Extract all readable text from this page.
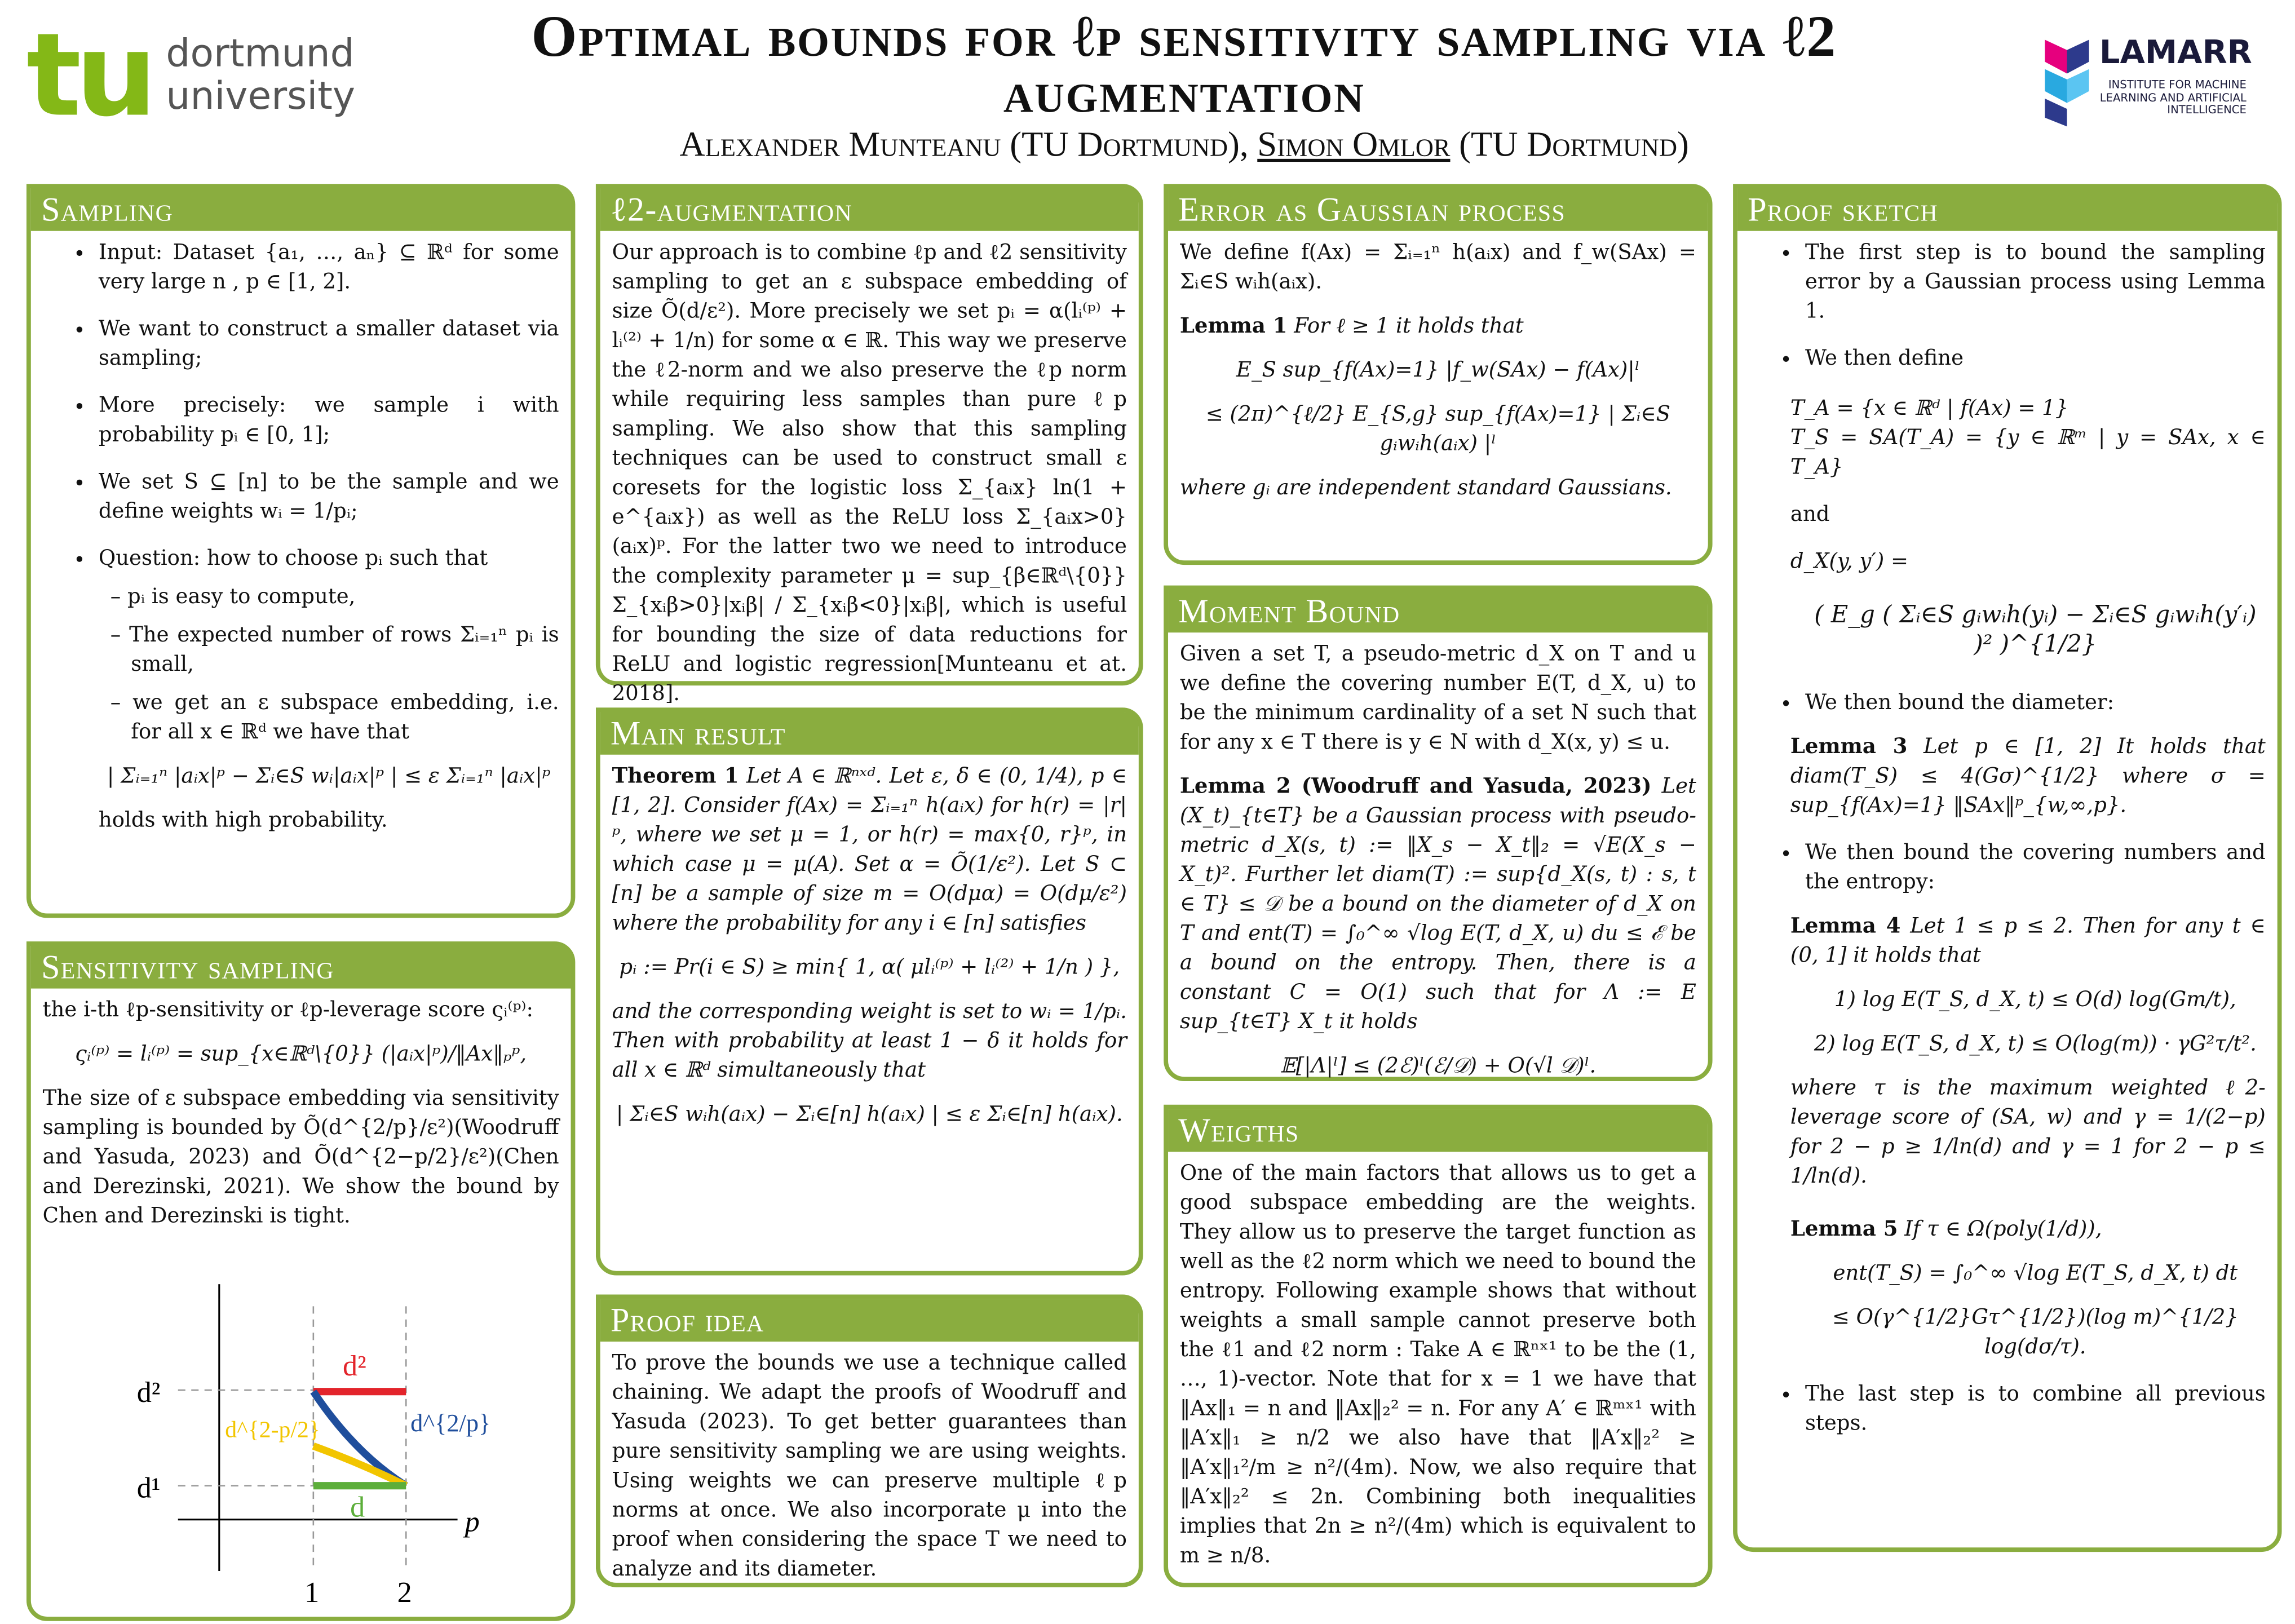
tu dortmund
university
Optimal bounds for ℓp sensitivity sampling via ℓ2 augmentation
Alexander Munteanu (TU Dortmund), Simon Omlor (TU Dortmund)
LAMARR
INSTITUTE FOR MACHINE LEARNING AND ARTIFICIAL INTELLIGENCE
Sampling
• Input: Dataset {a₁, …, aₙ} ⊆ ℝᵈ for some very large n , p ∈ [1, 2].
• We want to construct a smaller dataset via sampling;
• More precisely: we sample i with probability pᵢ ∈ [0, 1];
• We set S ⊆ [n] to be the sample and we define weights wᵢ = 1/pᵢ;
• Question: how to choose pᵢ such that
– pᵢ is easy to compute,
– The expected number of rows Σᵢ₌₁ⁿ pᵢ is small,
– we get an ε subspace embedding, i.e. for all x ∈ ℝᵈ we have that
| Σᵢ₌₁ⁿ |aᵢx|ᵖ − Σᵢ∈S wᵢ|aᵢx|ᵖ | ≤ ε Σᵢ₌₁ⁿ |aᵢx|ᵖ
holds with high probability.
Sensitivity sampling
the i-th ℓp-sensitivity or ℓp-leverage score ςᵢ⁽ᵖ⁾:
ςᵢ⁽ᵖ⁾ = lᵢ⁽ᵖ⁾ = sup_{x∈ℝᵈ\{0}} (|aᵢx|ᵖ)/‖Ax‖ₚᵖ,
The size of ε subspace embedding via sensitivity sampling is bounded by Õ(d^{2/p}/ε²)(Woodruff and Yasuda, 2023) and Õ(d^{2−p/2}/ε²)(Chen and Derezinski, 2021). We show the bound by Chen and Derezinski is tight.
d²
d¹
1	2
p
d²
d^{2/p}
d^{2-p/2}
d
ℓ2-augmentation
Our approach is to combine ℓp and ℓ2 sensitivity sampling to get an ε subspace embedding of size Õ(d/ε²). More precisely we set pᵢ = α(lᵢ⁽ᵖ⁾ + lᵢ⁽²⁾ + 1/n) for some α ∈ ℝ. This way we preserve the ℓ2-norm and we also preserve the ℓp norm while requiring less samples than pure ℓp sampling. We also show that this sampling techniques can be used to construct small ε coresets for the logistic loss Σ_{aᵢx} ln(1 + e^{aᵢx}) as well as the ReLU loss Σ_{aᵢx>0}(aᵢx)ᵖ. For the latter two we need to introduce the complexity parameter μ = sup_{β∈ℝᵈ\{0}} Σ_{xᵢβ>0}|xᵢβ| / Σ_{xᵢβ<0}|xᵢβ|, which is useful for bounding the size of data reductions for ReLU and logistic regression[Munteanu et at. 2018].
Main result
Theorem 1 Let A ∈ ℝⁿˣᵈ. Let ε, δ ∈ (0, 1/4), p ∈ [1, 2]. Consider f(Ax) = Σᵢ₌₁ⁿ h(aᵢx) for h(r) = |r|ᵖ, where we set μ = 1, or h(r) = max{0, r}ᵖ, in which case μ = μ(A). Set α = Õ(1/ε²). Let S ⊂ [n] be a sample of size m = O(dμα) = O(dμ/ε²) where the probability for any i ∈ [n] satisfies
pᵢ := Pr(i ∈ S) ≥ min{ 1, α( μlᵢ⁽ᵖ⁾ + lᵢ⁽²⁾ + 1/n ) },
and the corresponding weight is set to wᵢ = 1/pᵢ. Then with probability at least 1 − δ it holds for all x ∈ ℝᵈ simultaneously that
| Σᵢ∈S wᵢh(aᵢx) − Σᵢ∈[n] h(aᵢx) | ≤ ε Σᵢ∈[n] h(aᵢx).
Proof idea
To prove the bounds we use a technique called chaining. We adapt the proofs of Woodruff and Yasuda (2023). To get better guarantees than pure sensitivity sampling we are using weights. Using weights we can preserve multiple ℓp norms at once. We also incorporate μ into the proof when considering the space T we need to analyze and its diameter.
Error as Gaussian process
We define f(Ax) = Σᵢ₌₁ⁿ h(aᵢx) and f_w(SAx) = Σᵢ∈S wᵢh(aᵢx).
Lemma 1 For ℓ ≥ 1 it holds that
E_S sup_{f(Ax)=1} |f_w(SAx) − f(Ax)|ˡ
≤ (2π)^{ℓ/2} E_{S,g} sup_{f(Ax)=1} | Σᵢ∈S gᵢwᵢh(aᵢx) |ˡ
where gᵢ are independent standard Gaussians.
Moment Bound
Given a set T, a pseudo-metric d_X on T and u we define the covering number E(T, d_X, u) to be the minimum cardinality of a set N such that for any x ∈ T there is y ∈ N with d_X(x, y) ≤ u.
Lemma 2 (Woodruff and Yasuda, 2023) Let (X_t)_{t∈T} be a Gaussian process with pseudo-metric d_X(s, t) := ‖X_s − X_t‖₂ = √E(X_s − X_t)². Further let diam(T) := sup{d_X(s, t) : s, t ∈ T} ≤ 𝒟 be a bound on the diameter of d_X on T and ent(T) = ∫₀^∞ √log E(T, d_X, u) du ≤ ℰ be a bound on the entropy. Then, there is a constant C = O(1) such that for Λ := E sup_{t∈T} X_t it holds
𝔼[|Λ|ˡ] ≤ (2ℰ)ˡ(ℰ/𝒟) + O(√l 𝒟)ˡ.
Weigths
One of the main factors that allows us to get a good subspace embedding are the weights. They allow us to preserve the target function as well as the ℓ2 norm which we need to bound the entropy. Following example shows that without weights a small sample cannot preserve both the ℓ1 and ℓ2 norm : Take A ∈ ℝⁿˣ¹ to be the (1, …, 1)-vector. Note that for x = 1 we have that ‖Ax‖₁ = n and ‖Ax‖₂² = n. For any A′ ∈ ℝᵐˣ¹ with ‖A′x‖₁ ≥ n/2 we also have that ‖A′x‖₂² ≥ ‖A′x‖₁²/m ≥ n²/(4m). Now, we also require that ‖A′x‖₂² ≤ 2n. Combining both inequalities implies that 2n ≥ n²/(4m) which is equivalent to m ≥ n/8.
Proof sketch
• The first step is to bound the sampling error by a Gaussian process using Lemma 1.
• We then define
T_A = {x ∈ ℝᵈ | f(Ax) = 1}
T_S = SA(T_A) = {y ∈ ℝᵐ | y = SAx, x ∈ T_A}
and
d_X(y, y′) =
( E_g ( Σᵢ∈S gᵢwᵢh(yᵢ) − Σᵢ∈S gᵢwᵢh(y′ᵢ) )² )^{1/2}
• We then bound the diameter:
Lemma 3 Let p ∈ [1, 2] It holds that diam(T_S) ≤ 4(Gσ)^{1/2} where σ = sup_{f(Ax)=1} ‖SAx‖ᵖ_{w,∞,p}.
• We then bound the covering numbers and the entropy:
Lemma 4 Let 1 ≤ p ≤ 2. Then for any t ∈ (0, 1] it holds that
1) log E(T_S, d_X, t) ≤ O(d) log(Gm/t),
2) log E(T_S, d_X, t) ≤ O(log(m)) · γG²τ/t².
where τ is the maximum weighted ℓ2-leverage score of (SA, w) and γ = 1/(2−p) for 2 − p ≥ 1/ln(d) and γ = 1 for 2 − p ≤ 1/ln(d).
Lemma 5 If τ ∈ Ω(poly(1/d)),
ent(T_S) = ∫₀^∞ √log E(T_S, d_X, t) dt
≤ O(γ^{1/2}Gτ^{1/2})(log m)^{1/2} log(dσ/τ).
• The last step is to combine all previous steps.
